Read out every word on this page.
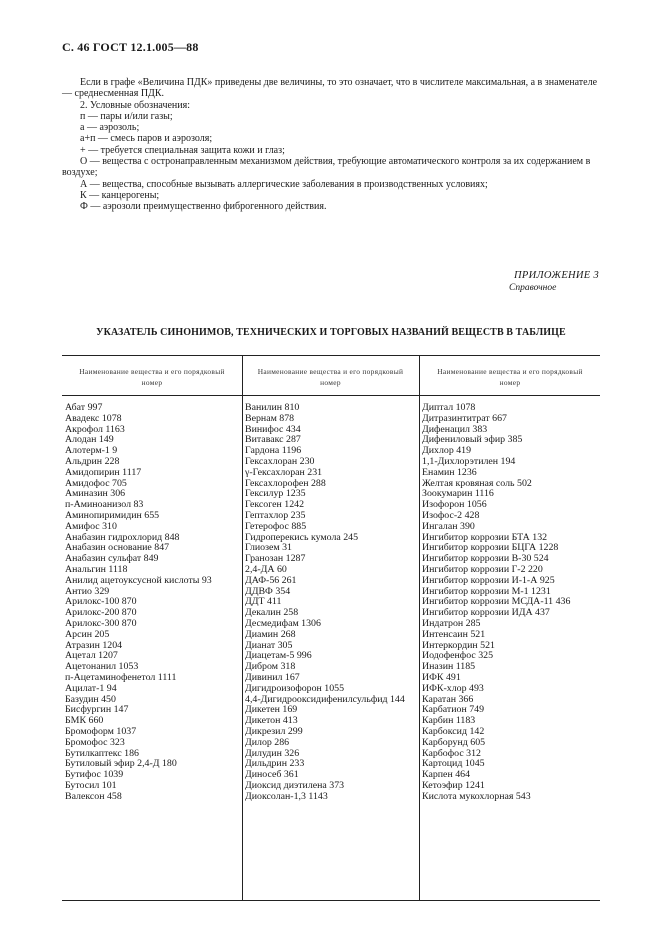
С. 46 ГОСТ 12.1.005—88

Если в графе «Величина ПДК» приведены две величины, то это означает, что в числителе максимальная, а в знаменателе — среднесменная ПДК.

2. Условные обозначения:

п — пары и/или газы;

а — аэрозоль;

а+п — смесь паров и аэрозоля;

+ — требуется специальная защита кожи и глаз;

О — вещества с остронаправленным механизмом действия, требующие автоматического контроля за их содержанием в воздухе;

А — вещества, способные вызывать аллергические заболевания в производственных условиях;

К — канцерогены;

Ф — аэрозоли преимущественно фиброгенного действия.

ПРИЛОЖЕНИЕ 3
Справочное
УКАЗАТЕЛЬ СИНОНИМОВ, ТЕХНИЧЕСКИХ И ТОРГОВЫХ НАЗВАНИЙ ВЕЩЕСТВ В ТАБЛИЦЕ
Наименование вещества и его порядковый номер
Наименование вещества и его порядковый номер
Наименование вещества и его порядковый номер
Абат 997
Авадекс 1078
Акрофол 1163
Алодан 149
Алотерм-1 9
Альдрин 228
Амидопирин 1117
Амидофос 705
Аминазин 306
п-Аминоанизол 83
Аминопиримидин 655
Амифос 310
Анабазин гидрохлорид 848
Анабазин основание 847
Анабазин сульфат 849
Анальгин 1118
Анилид ацетоуксусной кислоты 93
Антио 329
Арилокс-100 870
Арилокс-200 870
Арилокс-300 870
Арсин 205
Атразин 1204
Ацетал 1207
Ацетонанил 1053
п-Ацетаминофенетол 1111
Ацилат-1 94
Базудин 450
Бисфургин 147
БМК 660
Бромоформ 1037
Бромофос 323
Бутилкаптекс 186
Бутиловый эфир 2,4-Д 180
Бутифос 1039
Бутосил 101
Валексон 458
Ванилин 810
Вернам 878
Винифос 434
Витавакс 287
Гардона 1196
Гексахлоран 230
γ-Гексахлоран 231
Гексахлорофен 288
Гексилур 1235
Гексоген 1242
Гептахлор 235
Гетерофос 885
Гидроперекись кумола 245
Глиозем 31
Гранозан 1287
2,4-ДА 60
ДАФ-56 261
ДДВФ 354
ДДТ 411
Декалин 258
Десмедифам 1306
Диамин 268
Дианат 305
Диацетам-5 996
Дибром 318
Дивинил 167
Дигидроизофорон 1055
4,4-Дигидрооксидифенилсульфид 144
Дикетен 169
Дикетон 413
Дикрезил 299
Дилор 286
Дилудин 326
Дильдрин 233
Диносеб 361
Диоксид диэтилена 373
Диоксолан-1,3 1143
Диптал 1078
Дитразинтитрат 667
Дифенацил 383
Дифениловый эфир 385
Дихлор 419
1,1-Дихлорэтилен 194
Енамин 1236
Желтая кровяная соль 502
Зоокумарин 1116
Изофорон 1056
Изофос-2 428
Ингалан 390
Ингибитор коррозии БТА 132
Ингибитор коррозии БЦГА 1228
Ингибитор коррозии В-30 524
Ингибитор коррозии Г-2 220
Ингибитор коррозии И-1-А 925
Ингибитор коррозии М-1 1231
Ингибитор коррозии МСДА-11 436
Ингибитор коррозии ИДА 437
Индатрон 285
Интенсаин 521
Интеркордин 521
Иодофенфос 325
Иназин 1185
ИФК 491
ИФК-хлор 493
Каратан 366
Карбатион 749
Карбин 1183
Карбоксид 142
Карборунд 605
Карбофос 312
Картоцид 1045
Карпен 464
Кетоэфир 1241
Кислота мукохлорная 543
